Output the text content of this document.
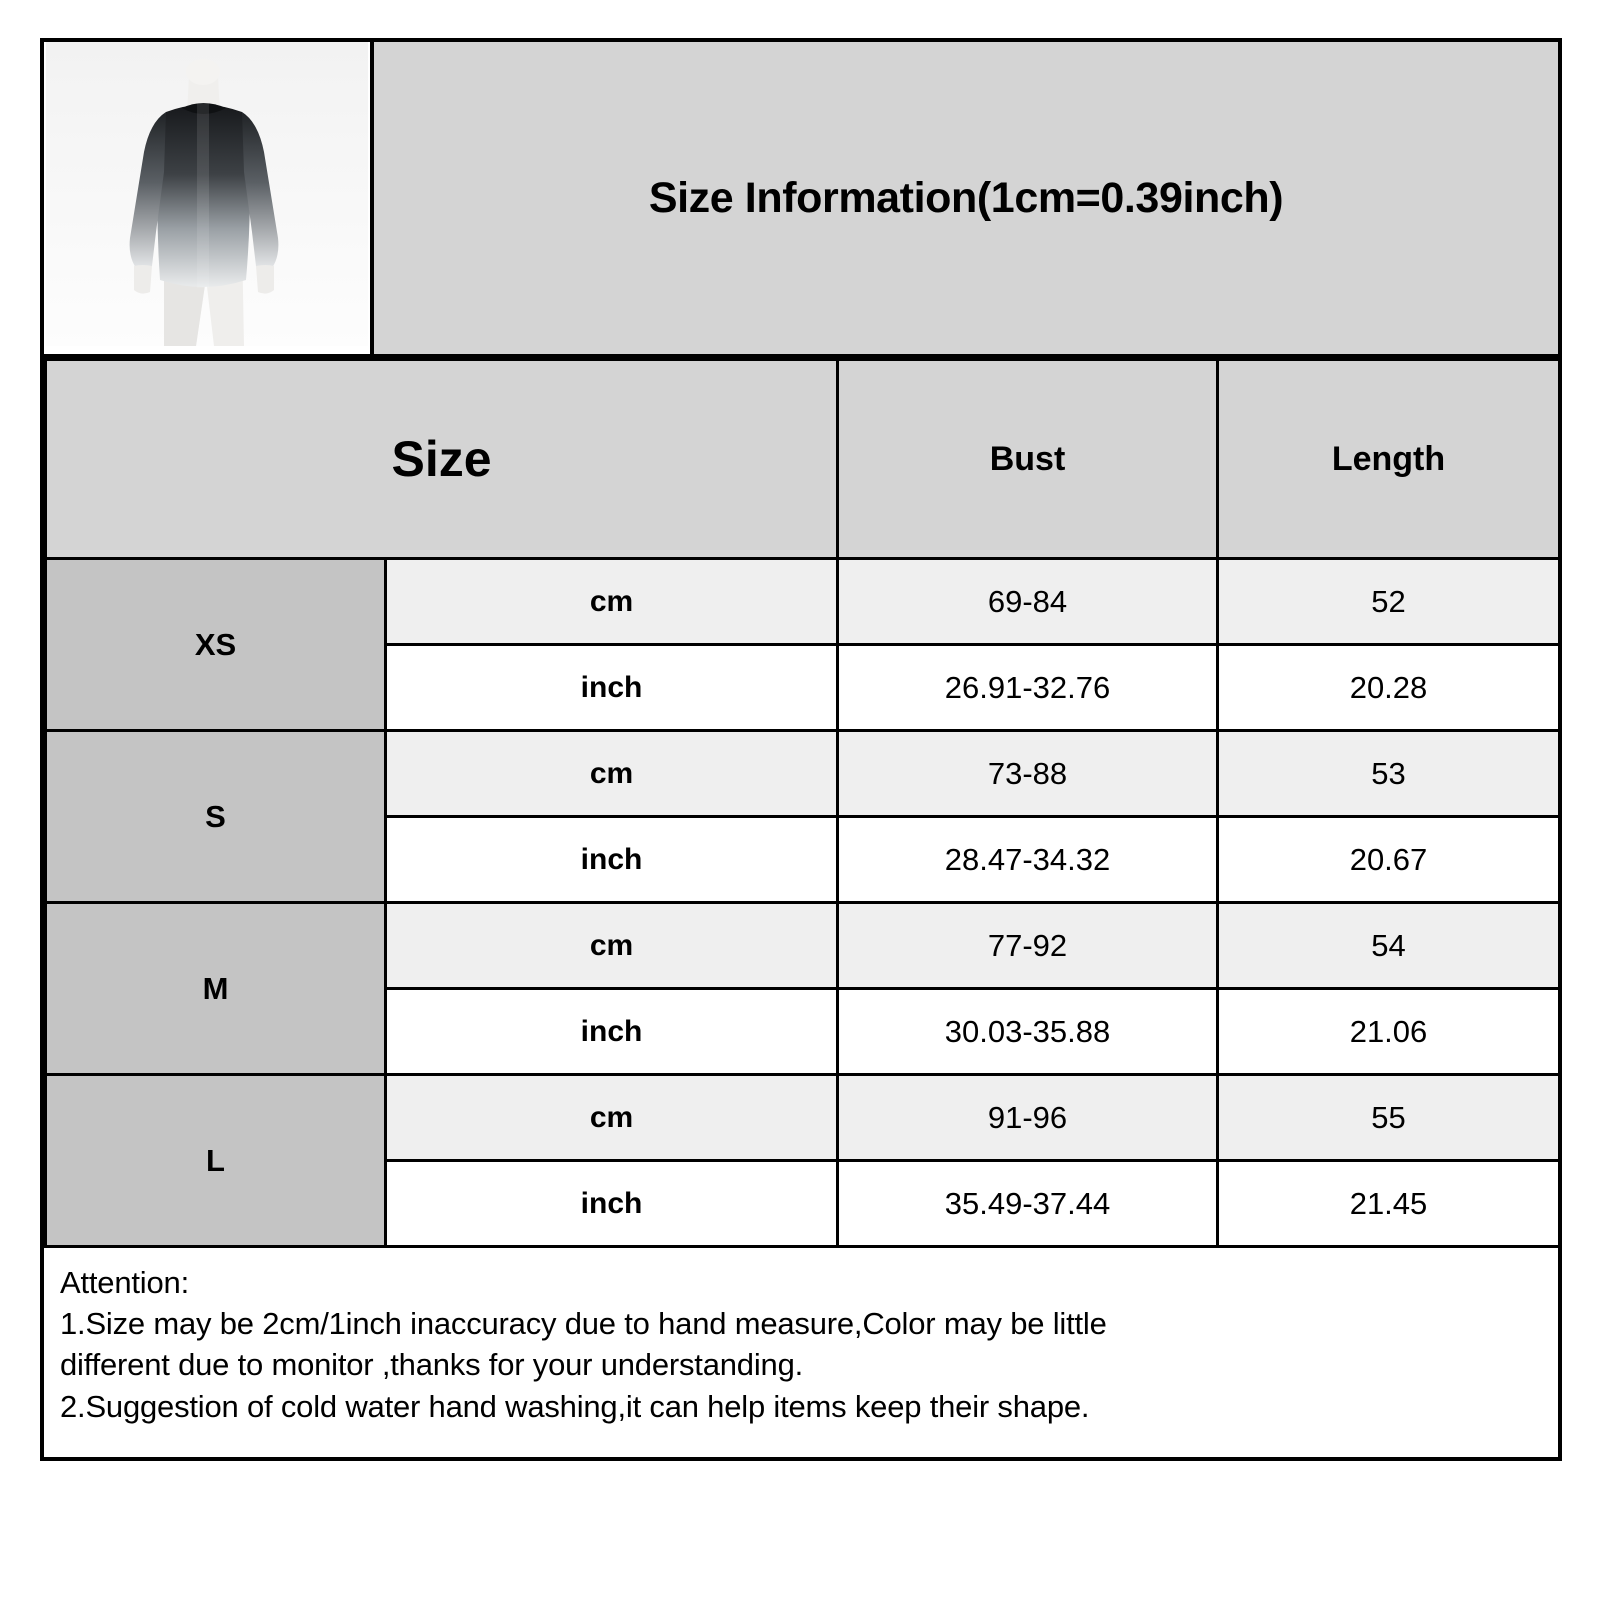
Size Information(1cm=0.39inch)
Size		Bust	Length
XS	cm	69-84	52
	inch	26.91-32.76	20.28
S	cm	73-88	53
	inch	28.47-34.32	20.67
M	cm	77-92	54
	inch	30.03-35.88	21.06
L	cm	91-96	55
	inch	35.49-37.44	21.45

Attention:

1.Size may be 2cm/1inch inaccuracy due to hand measure,Color may be little

different due to monitor ,thanks for your understanding.

2.Suggestion of cold water hand washing,it can help items keep their shape.
